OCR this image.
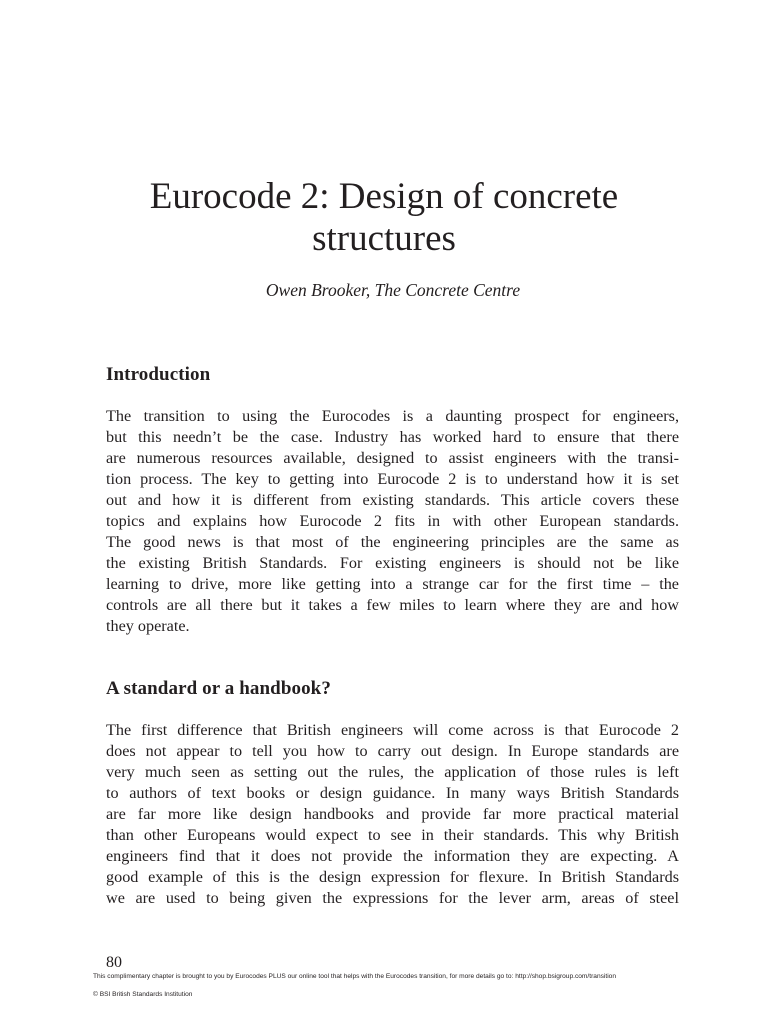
Eurocode 2: Design of concrete
structures

Owen Brooker, The Concrete Centre

Introduction
The transition to using the Eurocodes is a daunting prospect for engineers,
but this needn’t be the case. Industry has worked hard to ensure that there
are numerous resources available, designed to assist engineers with the transi-
tion process. The key to getting into Eurocode 2 is to understand how it is set
out and how it is different from existing standards. This article covers these
topics and explains how Eurocode 2 fits in with other European standards.
The good news is that most of the engineering principles are the same as
the existing British Standards. For existing engineers is should not be like
learning to drive, more like getting into a strange car for the first time – the
controls are all there but it takes a few miles to learn where they are and how
they operate.
A standard or a handbook?
The first difference that British engineers will come across is that Eurocode 2
does not appear to tell you how to carry out design. In Europe standards are
very much seen as setting out the rules, the application of those rules is left
to authors of text books or design guidance. In many ways British Standards
are far more like design handbooks and provide far more practical material
than other Europeans would expect to see in their standards. This why British
engineers find that it does not provide the information they are expecting. A
good example of this is the design expression for flexure. In British Standards
we are used to being given the expressions for the lever arm, areas of steel

80

This complimentary chapter is brought to you by Eurocodes PLUS our online tool that helps with the Eurocodes transition, for more details go to: http://shop.bsigroup.com/transition

© BSI British Standards Institution
